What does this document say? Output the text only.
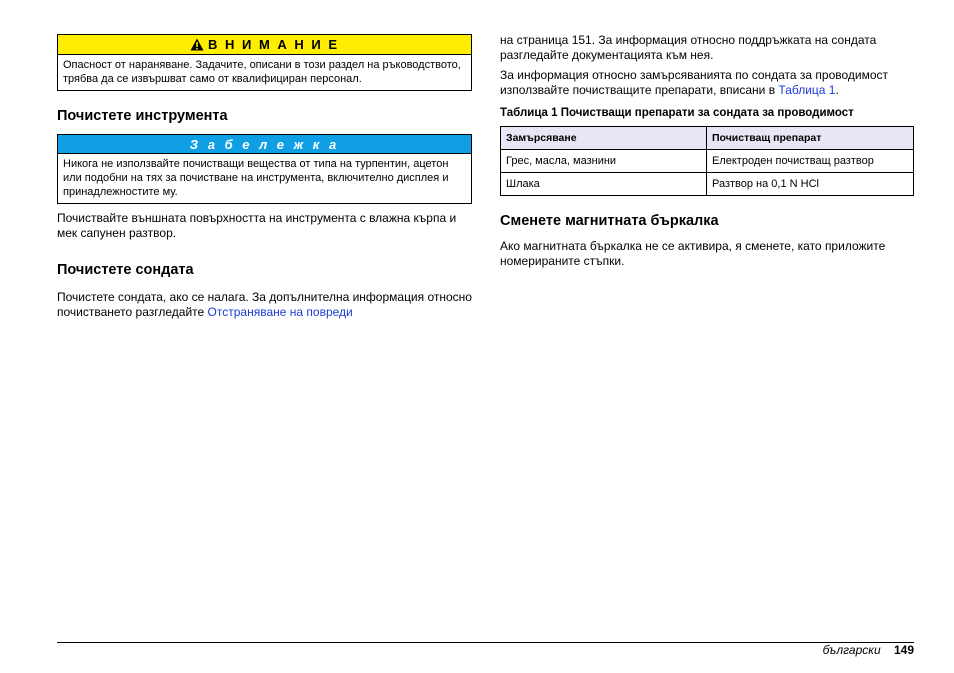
В Н И М А Н И Е
Опасност от нараняване. Задачите, описани в този раздел на ръководството, трябва да се извършват само от квалифициран персонал.
Почистете инструмента
З а б е л е ж к а
Никога не използвайте почистващи вещества от типа на турпентин, ацетон или подобни на тях за почистване на инструмента, включително дисплея и принадлежностите му.

Почиствайте външната повърхността на инструмента с влажна кърпа и мек сапунен разтвор.

Почистете сондата

Почистете сондата, ако се налага. За допълнителна информация относно почистването разгледайте Отстраняване на повреди

на страница 151. За информация относно поддръжката на сондата разгледайте документацията към нея.

За информация относно замърсяванията по сондата за проводимост използвайте почистващите препарати, вписани в Таблица 1.

Таблица 1 Почистващи препарати за сондата за проводимост
Замърсяване	Почистващ препарат
Грес, масла, мазнини	Електроден почистващ разтвор
Шлака	Разтвор на 0,1 N HCl
Сменете магнитната бъркалка

Ако магнитната бъркалка не се активира, я сменете, като приложите номерираните стъпки.

български 149
